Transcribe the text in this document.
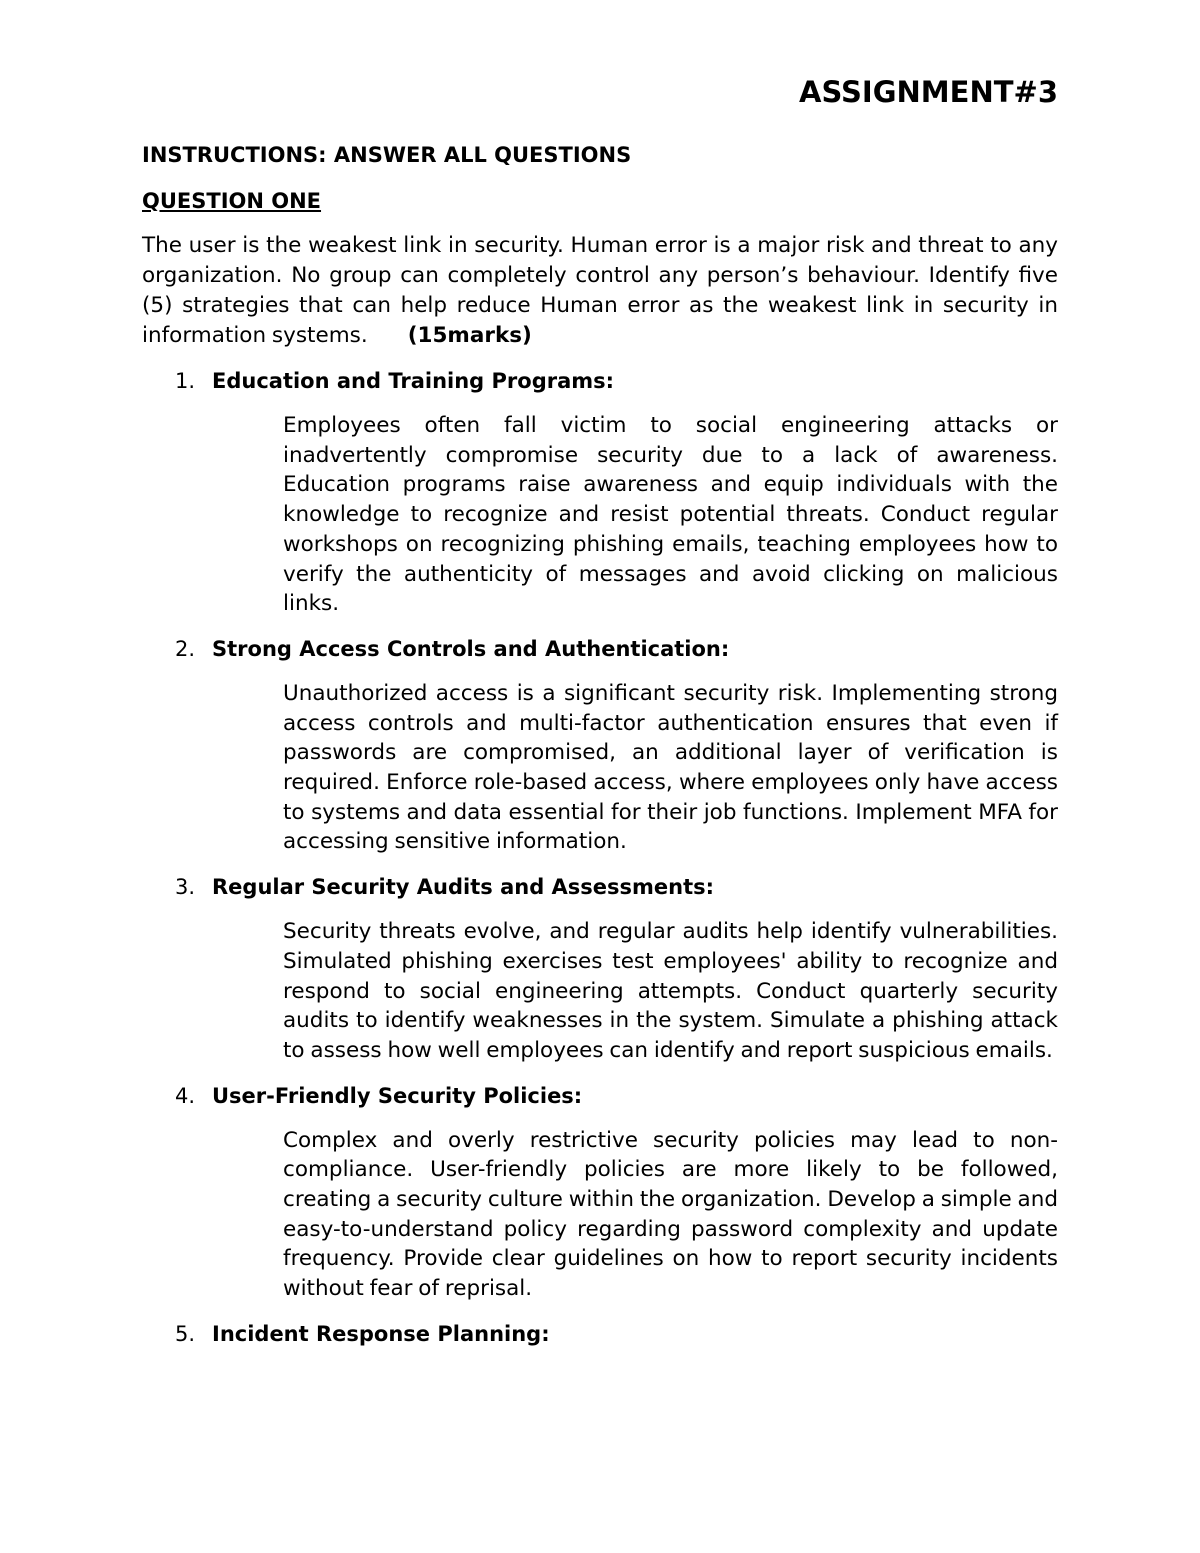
ASSIGNMENT#3

INSTRUCTIONS: ANSWER ALL QUESTIONS

QUESTION ONE

The user is the weakest link in security. Human error is a major risk and threat to any organization. No group can completely control any person’s behaviour. Identify five (5) strategies that can help reduce Human error as the weakest link in security in information systems. (15marks)

1. Education and Training Programs:

Employees often fall victim to social engineering attacks or inadvertently compromise security due to a lack of awareness. Education programs raise awareness and equip individuals with the knowledge to recognize and resist potential threats. Conduct regular workshops on recognizing phishing emails, teaching employees how to verify the authenticity of messages and avoid clicking on malicious links.

2. Strong Access Controls and Authentication:

Unauthorized access is a significant security risk. Implementing strong access controls and multi-factor authentication ensures that even if passwords are compromised, an additional layer of verification is required. Enforce role-based access, where employees only have access to systems and data essential for their job functions. Implement MFA for accessing sensitive information.

3. Regular Security Audits and Assessments:

Security threats evolve, and regular audits help identify vulnerabilities. Simulated phishing exercises test employees' ability to recognize and respond to social engineering attempts. Conduct quarterly security audits to identify weaknesses in the system. Simulate a phishing attack to assess how well employees can identify and report suspicious emails.

4. User-Friendly Security Policies:

Complex and overly restrictive security policies may lead to non-compliance. User-friendly policies are more likely to be followed, creating a security culture within the organization. Develop a simple and easy-to-understand policy regarding password complexity and update frequency. Provide clear guidelines on how to report security incidents without fear of reprisal.

5. Incident Response Planning:
